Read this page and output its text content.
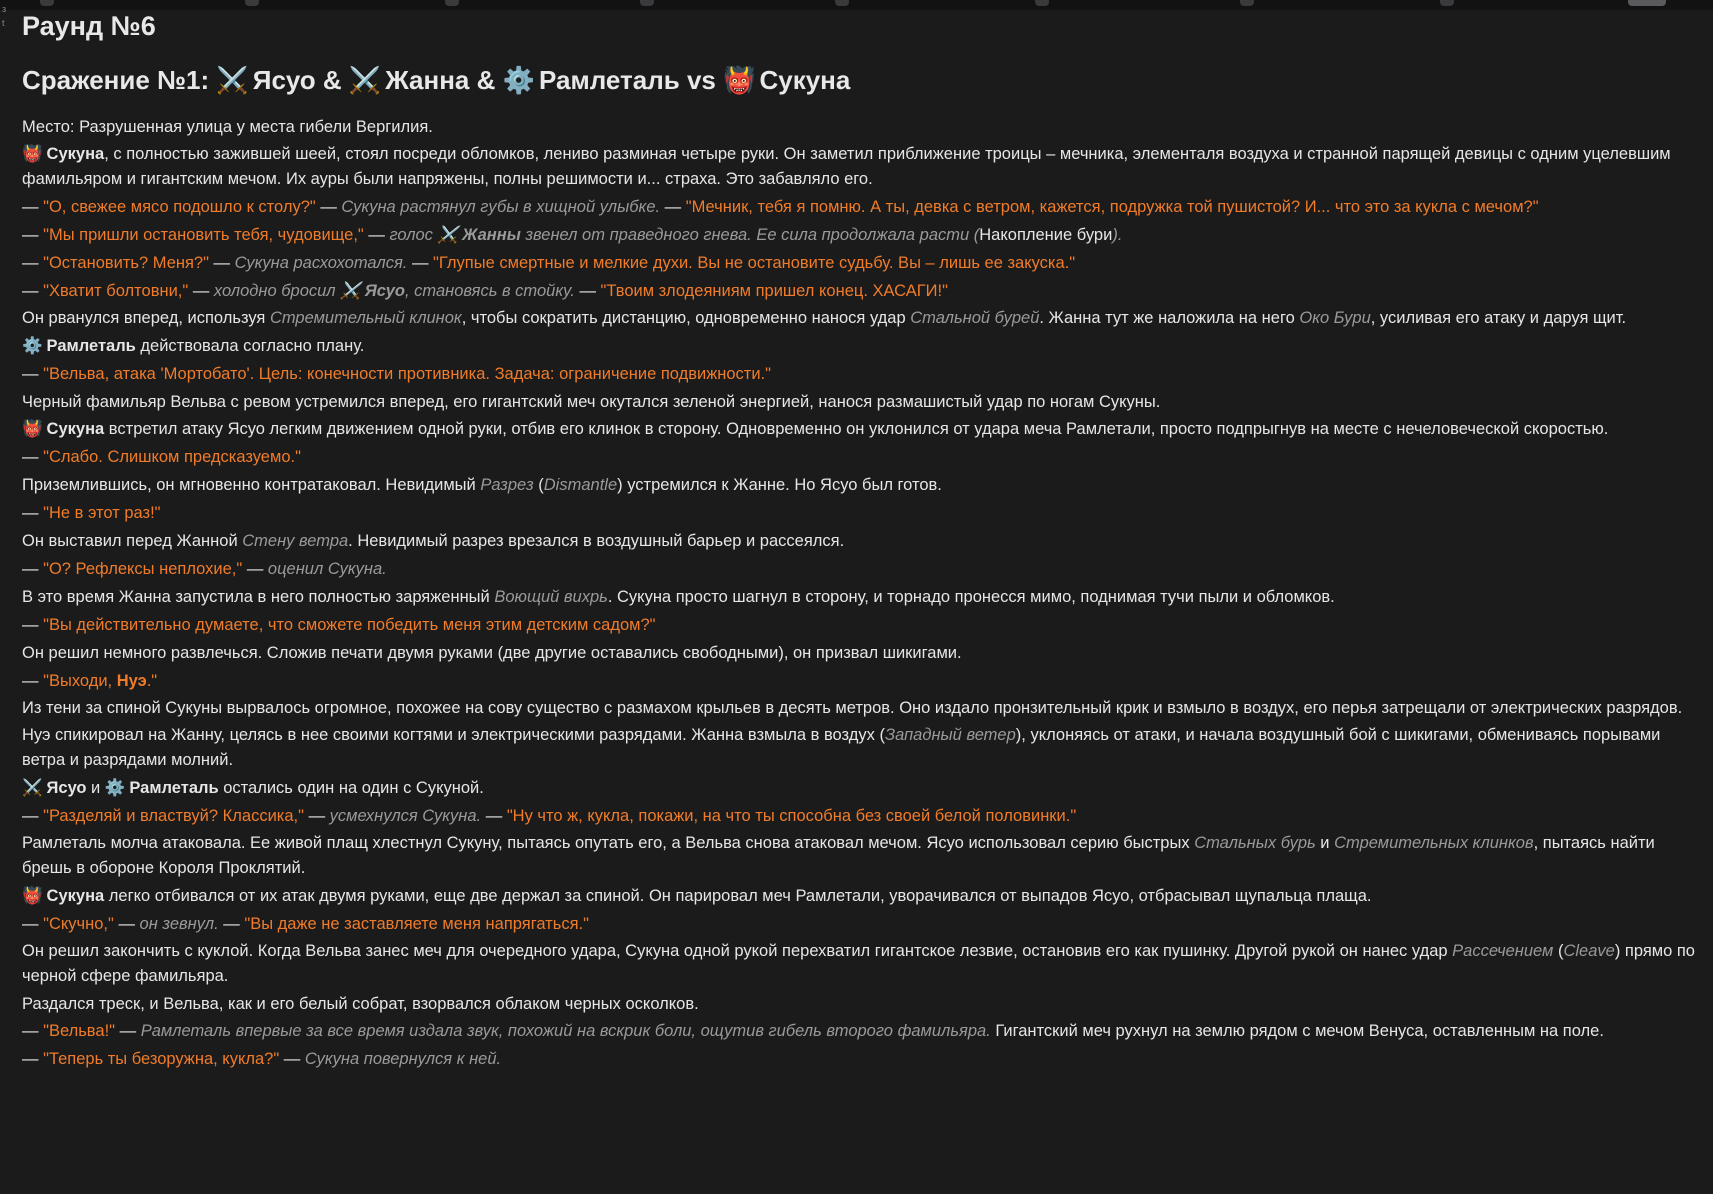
з
t Раунд №6
Сражение №1: ⚔️ Ясуо & ⚔️ Жанна & ⚙️ Рамлеталь vs 👹 Сукуна
Место: Разрушенная улица у места гибели Вергилия.
👹 Сукуна, с полностью зажившей шеей, стоял посреди обломков, лениво разминая четыре руки. Он заметил приближение троицы – мечника, элементаля воздуха и странной парящей девицы с одним уцелевшим фамильяром и гигантским мечом. Их ауры были напряжены, полны решимости и... страха. Это забавляло его.
— "О, свежее мясо подошло к столу?" — Сукуна растянул губы в хищной улыбке. — "Мечник, тебя я помню. А ты, девка с ветром, кажется, подружка той пушистой? И... что это за кукла с мечом?"
— "Мы пришли остановить тебя, чудовище," — голос ⚔️ Жанны звенел от праведного гнева. Ее сила продолжала расти (Накопление бури).
— "Остановить? Меня?" — Сукуна расхохотался. — "Глупые смертные и мелкие духи. Вы не остановите судьбу. Вы – лишь ее закуска."
— "Хватит болтовни," — холодно бросил ⚔️ Ясуо, становясь в стойку. — "Твоим злодеяниям пришел конец. ХАСАГИ!"
Он рванулся вперед, используя Стремительный клинок, чтобы сократить дистанцию, одновременно нанося удар Стальной бурей. Жанна тут же наложила на него Око Бури, усиливая его атаку и даруя щит.
⚙️ Рамлеталь действовала согласно плану.
— "Вельва, атака 'Мортобато'. Цель: конечности противника. Задача: ограничение подвижности."
Черный фамильяр Вельва с ревом устремился вперед, его гигантский меч окутался зеленой энергией, нанося размашистый удар по ногам Сукуны.
👹 Сукуна встретил атаку Ясуо легким движением одной руки, отбив его клинок в сторону. Одновременно он уклонился от удара меча Рамлетали, просто подпрыгнув на месте с нечеловеческой скоростью.
— "Слабо. Слишком предсказуемо."
Приземлившись, он мгновенно контратаковал. Невидимый Разрез (Dismantle) устремился к Жанне. Но Ясуо был готов.
— "Не в этот раз!"
Он выставил перед Жанной Стену ветра. Невидимый разрез врезался в воздушный барьер и рассеялся.
— "О? Рефлексы неплохие," — оценил Сукуна.
В это время Жанна запустила в него полностью заряженный Воющий вихрь. Сукуна просто шагнул в сторону, и торнадо пронесся мимо, поднимая тучи пыли и обломков.
— "Вы действительно думаете, что сможете победить меня этим детским садом?"
Он решил немного развлечься. Сложив печати двумя руками (две другие оставались свободными), он призвал шикигами.
— "Выходи, Нуэ."
Из тени за спиной Сукуны вырвалось огромное, похожее на сову существо с размахом крыльев в десять метров. Оно издало пронзительный крик и взмыло в воздух, его перья затрещали от электрических разрядов.
Нуэ спикировал на Жанну, целясь в нее своими когтями и электрическими разрядами. Жанна взмыла в воздух (Западный ветер), уклоняясь от атаки, и начала воздушный бой с шикигами, обмениваясь порывами ветра и разрядами молний.
⚔️ Ясуо и ⚙️ Рамлеталь остались один на один с Сукуной.
— "Разделяй и властвуй? Классика," — усмехнулся Сукуна. — "Ну что ж, кукла, покажи, на что ты способна без своей белой половинки."
Рамлеталь молча атаковала. Ее живой плащ хлестнул Сукуну, пытаясь опутать его, а Вельва снова атаковал мечом. Ясуо использовал серию быстрых Стальных бурь и Стремительных клинков, пытаясь найти брешь в обороне Короля Проклятий.
👹 Сукуна легко отбивался от их атак двумя руками, еще две держал за спиной. Он парировал меч Рамлетали, уворачивался от выпадов Ясуо, отбрасывал щупальца плаща.
— "Скучно," — он зевнул. — "Вы даже не заставляете меня напрягаться."
Он решил закончить с куклой. Когда Вельва занес меч для очередного удара, Сукуна одной рукой перехватил гигантское лезвие, остановив его как пушинку. Другой рукой он нанес удар Рассечением (Cleave) прямо по черной сфере фамильяра.
Раздался треск, и Вельва, как и его белый собрат, взорвался облаком черных осколков.
— "Вельва!" — Рамлеталь впервые за все время издала звук, похожий на вскрик боли, ощутив гибель второго фамильяра. Гигантский меч рухнул на землю рядом с мечом Венуса, оставленным на поле.
— "Теперь ты безоружна, кукла?" — Сукуна повернулся к ней.
